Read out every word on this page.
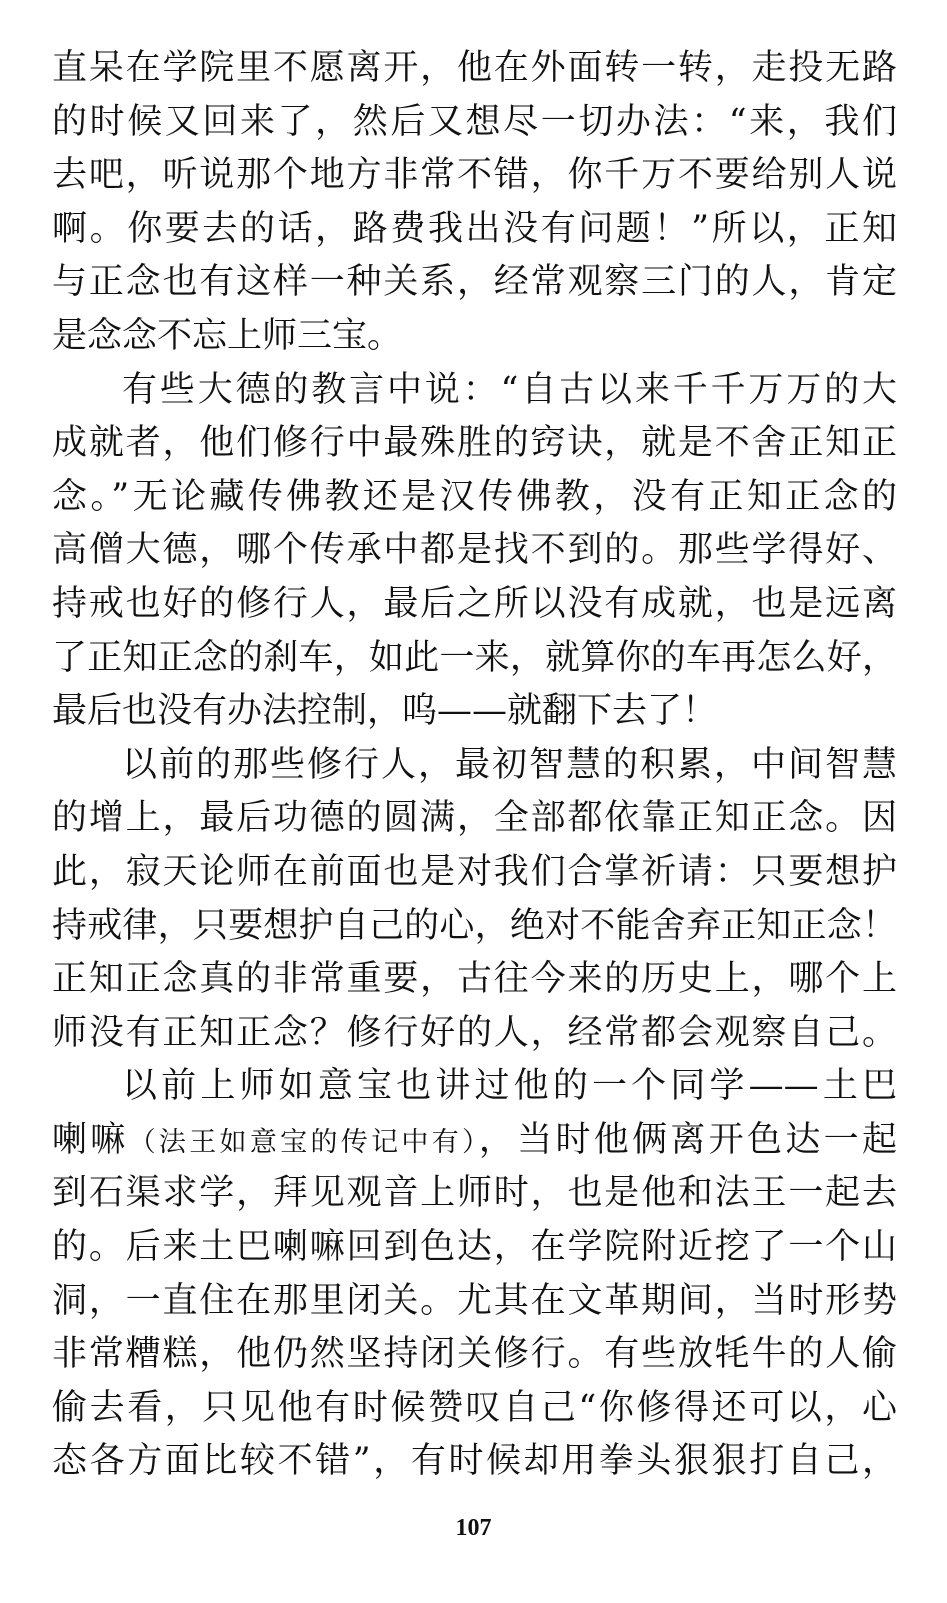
直呆在学院里不愿离开，他在外面转一转，走投无路
的时候又回来了，然后又想尽一切办法：“来，我们
去吧，听说那个地方非常不错，你千万不要给别人说
啊。你要去的话，路费我出没有问题！”所以，正知
与正念也有这样一种关系，经常观察三门的人，肯定
是念念不忘上师三宝。
有些大德的教言中说：“自古以来千千万万的大
成就者，他们修行中最殊胜的窍诀，就是不舍正知正
念。”无论藏传佛教还是汉传佛教，没有正知正念的
高僧大德，哪个传承中都是找不到的。那些学得好、
持戒也好的修行人，最后之所以没有成就，也是远离
了正知正念的刹车，如此一来，就算你的车再怎么好，
最后也没有办法控制，呜——就翻下去了！
以前的那些修行人，最初智慧的积累，中间智慧
的增上，最后功德的圆满，全部都依靠正知正念。因
此，寂天论师在前面也是对我们合掌祈请：只要想护
持戒律，只要想护自己的心，绝对不能舍弃正知正念！
正知正念真的非常重要，古往今来的历史上，哪个上
师没有正知正念？修行好的人，经常都会观察自己。
以前上师如意宝也讲过他的一个同学——土巴
喇嘛（法王如意宝的传记中有），当时他俩离开色达一起
到石渠求学，拜见观音上师时，也是他和法王一起去
的。后来土巴喇嘛回到色达，在学院附近挖了一个山
洞，一直住在那里闭关。尤其在文革期间，当时形势
非常糟糕，他仍然坚持闭关修行。有些放牦牛的人偷
偷去看，只见他有时候赞叹自己“你修得还可以，心
态各方面比较不错”，有时候却用拳头狠狠打自己，
107
